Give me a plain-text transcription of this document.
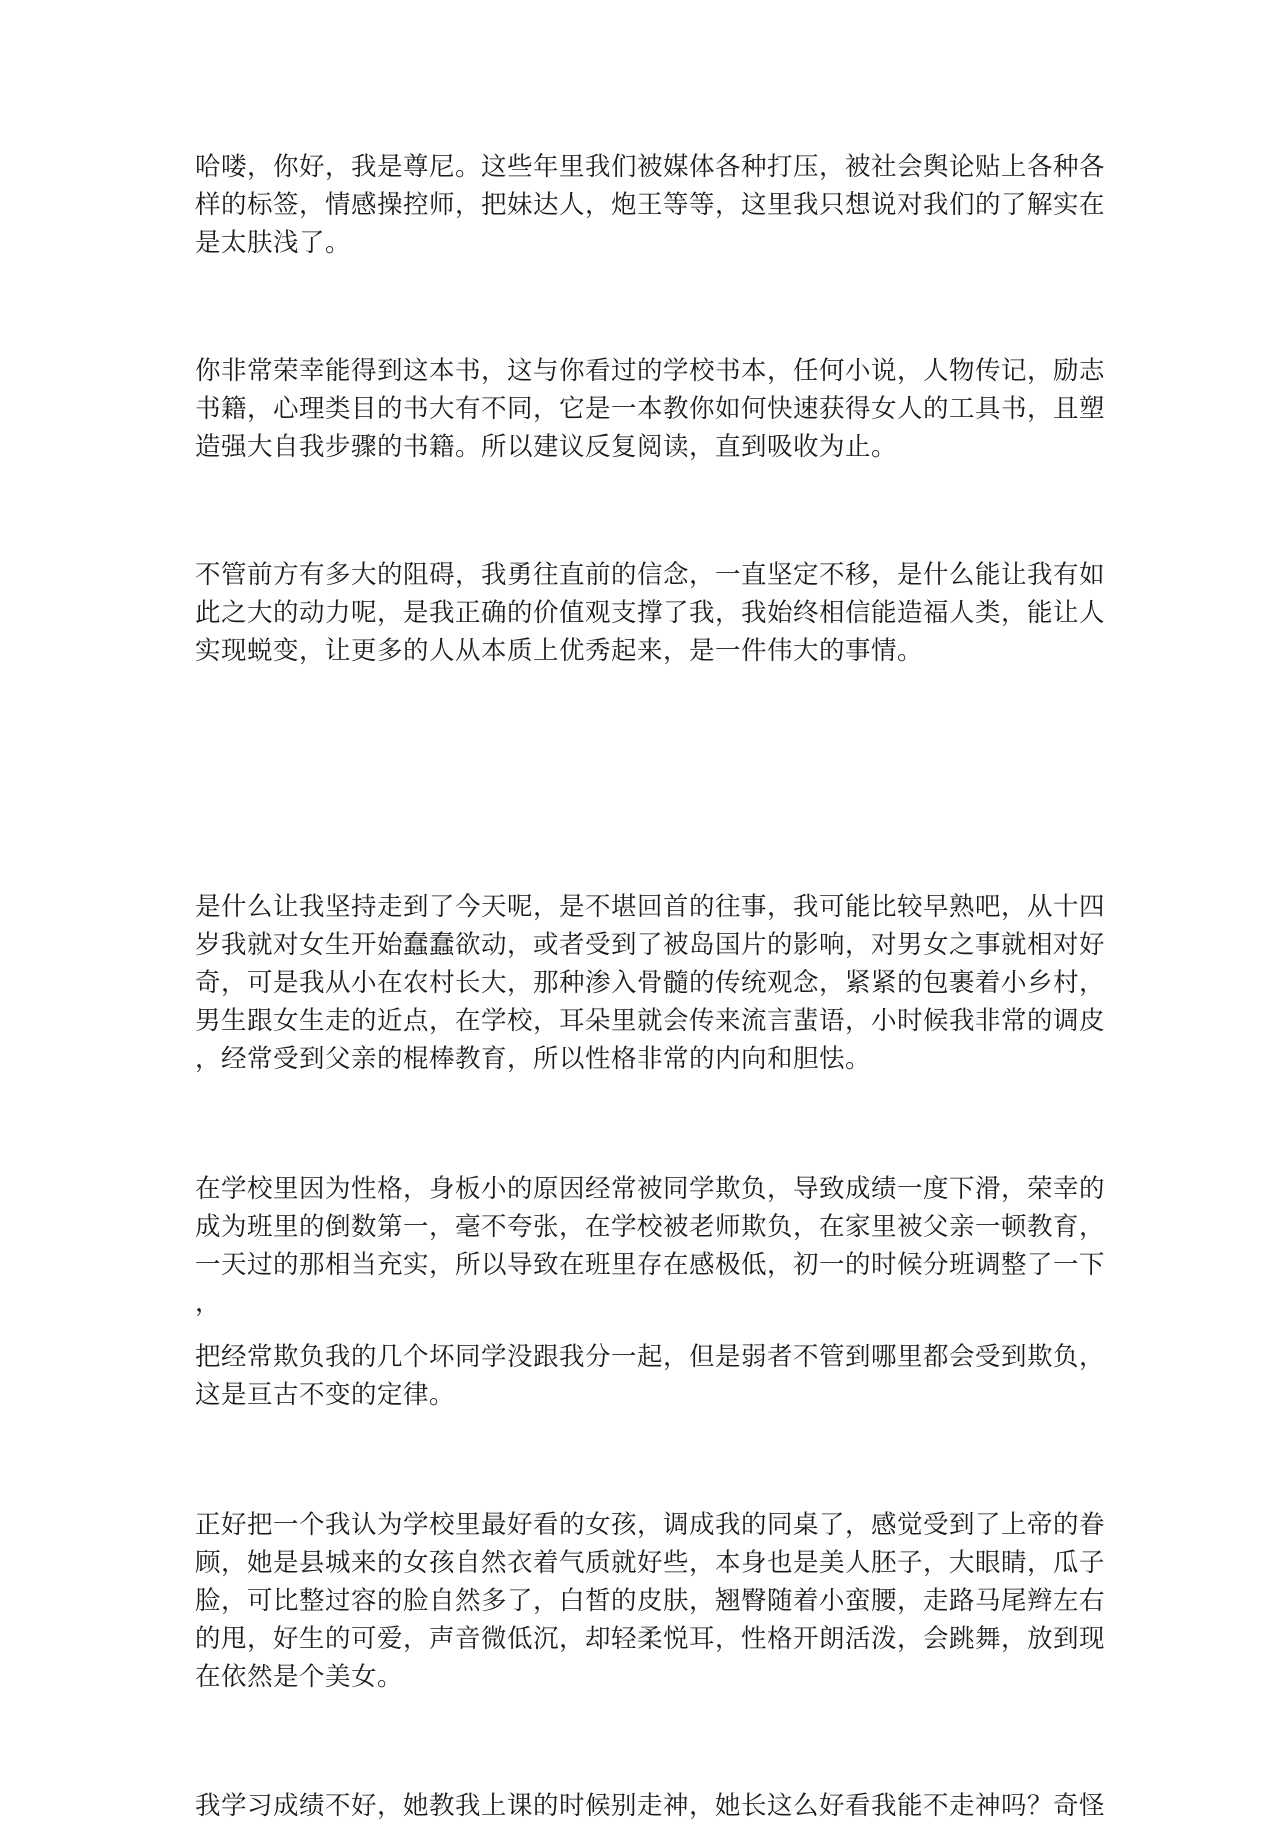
哈喽，你好，我是尊尼。这些年里我们被媒体各种打压，被社会舆论贴上各种各
样的标签，情感操控师，把妹达人，炮王等等，这里我只想说对我们的了解实在
是太肤浅了。

你非常荣幸能得到这本书，这与你看过的学校书本，任何小说，人物传记，励志
书籍，心理类目的书大有不同，它是一本教你如何快速获得女人的工具书，且塑
造强大自我步骤的书籍。所以建议反复阅读，直到吸收为止。

不管前方有多大的阻碍，我勇往直前的信念，一直坚定不移，是什么能让我有如
此之大的动力呢，是我正确的价值观支撑了我，我始终相信能造福人类，能让人
实现蜕变，让更多的人从本质上优秀起来，是一件伟大的事情。

是什么让我坚持走到了今天呢，是不堪回首的往事，我可能比较早熟吧，从十四
岁我就对女生开始蠢蠢欲动，或者受到了被岛国片的影响，对男女之事就相对好
奇，可是我从小在农村长大，那种渗入骨髓的传统观念，紧紧的包裹着小乡村，
男生跟女生走的近点，在学校，耳朵里就会传来流言蜚语，小时候我非常的调皮
，经常受到父亲的棍棒教育，所以性格非常的内向和胆怯。

在学校里因为性格，身板小的原因经常被同学欺负，导致成绩一度下滑，荣幸的
成为班里的倒数第一，毫不夸张，在学校被老师欺负，在家里被父亲一顿教育，
一天过的那相当充实，所以导致在班里存在感极低，初一的时候分班调整了一下
，

把经常欺负我的几个坏同学没跟我分一起，但是弱者不管到哪里都会受到欺负，
这是亘古不变的定律。

正好把一个我认为学校里最好看的女孩，调成我的同桌了，感觉受到了上帝的眷
顾，她是县城来的女孩自然衣着气质就好些，本身也是美人胚子，大眼睛，瓜子
脸，可比整过容的脸自然多了，白皙的皮肤，翘臀随着小蛮腰，走路马尾辫左右
的甩，好生的可爱，声音微低沉，却轻柔悦耳，性格开朗活泼，会跳舞，放到现
在依然是个美女。

我学习成绩不好，她教我上课的时候别走神，她长这么好看我能不走神吗？奇怪
